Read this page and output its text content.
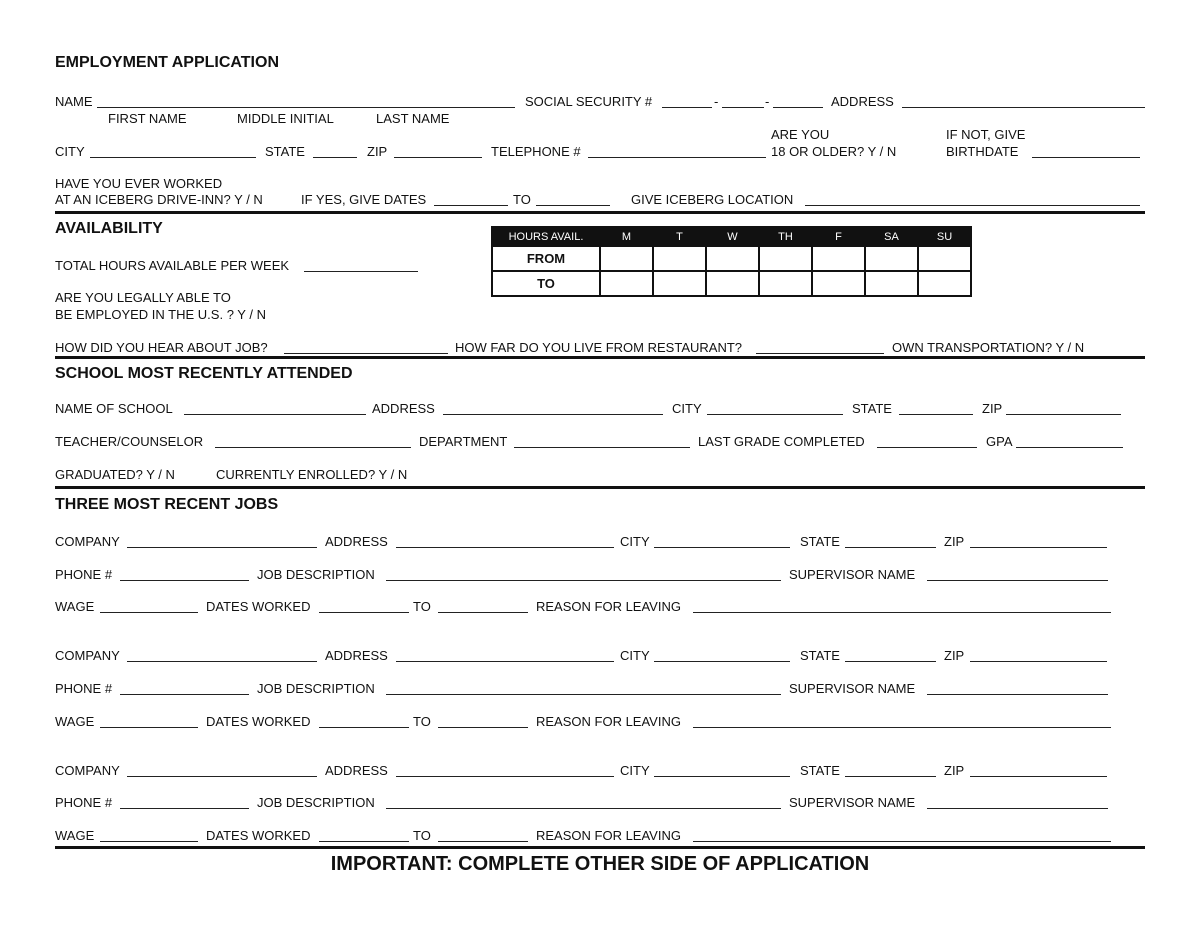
EMPLOYMENT APPLICATION
NAME	SOCIAL SECURITY #	-	-	ADDRESS
FIRST NAME	MIDDLE INITIAL	LAST NAME
ARE YOU	IF NOT, GIVE
CITY	STATE	ZIP	TELEPHONE #	18 OR OLDER? Y / N	BIRTHDATE
HAVE YOU EVER WORKED
AT AN ICEBERG DRIVE-INN? Y / N	IF YES, GIVE DATES	TO	GIVE ICEBERG LOCATION
AVAILABILITY
TOTAL HOURS AVAILABLE PER WEEK
ARE YOU LEGALLY ABLE TO
BE EMPLOYED IN THE U.S. ? Y / N
HOURS AVAIL.	M	T	W	TH	F	SA	SU
FROM							
TO							
HOW DID YOU HEAR ABOUT JOB?	HOW FAR DO YOU LIVE FROM RESTAURANT?	OWN TRANSPORTATION? Y / N
SCHOOL MOST RECENTLY ATTENDED
NAME OF SCHOOL	ADDRESS	CITY	STATE	ZIP
TEACHER/COUNSELOR	DEPARTMENT	LAST GRADE COMPLETED	GPA
GRADUATED? Y / N	CURRENTLY ENROLLED? Y / N
THREE MOST RECENT JOBS
COMPANY	ADDRESS	CITY	STATE	ZIP
PHONE #	JOB DESCRIPTION	SUPERVISOR NAME
WAGE	DATES WORKED	TO	REASON FOR LEAVING
COMPANY	ADDRESS	CITY	STATE	ZIP
PHONE #	JOB DESCRIPTION	SUPERVISOR NAME
WAGE	DATES WORKED	TO	REASON FOR LEAVING
COMPANY	ADDRESS	CITY	STATE	ZIP
PHONE #	JOB DESCRIPTION	SUPERVISOR NAME
WAGE	DATES WORKED	TO	REASON FOR LEAVING
IMPORTANT: COMPLETE OTHER SIDE OF APPLICATION
